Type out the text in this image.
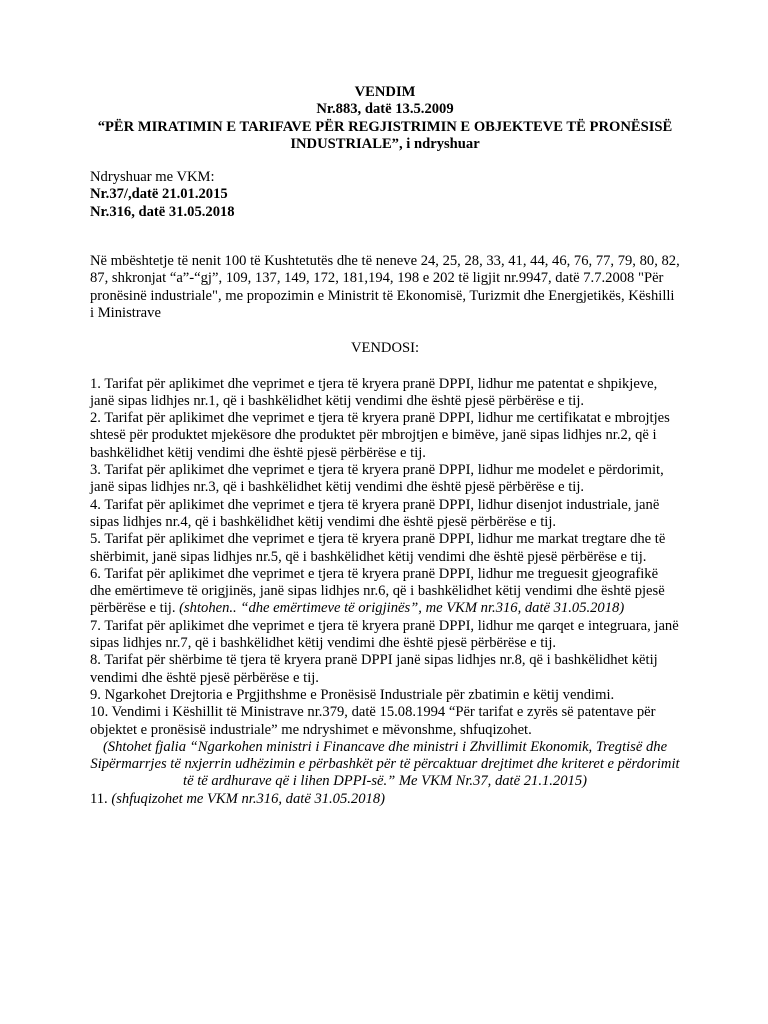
VENDIM
Nr.883, datë 13.5.2009
“PËR MIRATIMIN E TARIFAVE PËR REGJISTRIMIN E OBJEKTEVE TË PRONËSISË
INDUSTRIALE”, i ndryshuar
Ndryshuar me VKM:
Nr.37/,datë 21.01.2015
Nr.316, datë 31.05.2018
Në mbështetje të nenit 100 të Kushtetutës dhe të neneve 24, 25, 28, 33, 41, 44, 46, 76, 77, 79, 80, 82, 87, shkronjat “a”-“gj”, 109, 137, 149, 172, 181,194, 198 e 202 të ligjit nr.9947, datë 7.7.2008 "Për pronësinë industriale", me propozimin e Ministrit të Ekonomisë, Turizmit dhe Energjetikës, Këshilli i Ministrave
VENDOSI:
1. Tarifat për aplikimet dhe veprimet e tjera të kryera pranë DPPI, lidhur me patentat e shpikjeve, janë sipas lidhjes nr.1, që i bashkëlidhet këtij vendimi dhe është pjesë përbërëse e tij.
2. Tarifat për aplikimet dhe veprimet e tjera të kryera pranë DPPI, lidhur me certifikatat e mbrojtjes shtesë për produktet mjekësore dhe produktet për mbrojtjen e bimëve, janë sipas lidhjes nr.2, që i bashkëlidhet këtij vendimi dhe është pjesë përbërëse e tij.
3. Tarifat për aplikimet dhe veprimet e tjera të kryera pranë DPPI, lidhur me modelet e përdorimit, janë sipas lidhjes nr.3, që i bashkëlidhet këtij vendimi dhe është pjesë përbërëse e tij.
4. Tarifat për aplikimet dhe veprimet e tjera të kryera pranë DPPI, lidhur disenjot industriale, janë sipas lidhjes nr.4, që i bashkëlidhet këtij vendimi dhe është pjesë përbërëse e tij.
5. Tarifat për aplikimet dhe veprimet e tjera të kryera pranë DPPI, lidhur me markat tregtare dhe të shërbimit, janë sipas lidhjes nr.5, që i bashkëlidhet këtij vendimi dhe është pjesë përbërëse e tij.
6. Tarifat për aplikimet dhe veprimet e tjera të kryera pranë DPPI, lidhur me treguesit gjeografikë dhe emërtimeve të origjinës, janë sipas lidhjes nr.6, që i bashkëlidhet këtij vendimi dhe është pjesë përbërëse e tij. (shtohen.. “dhe emërtimeve të origjinës”, me VKM nr.316, datë 31.05.2018)
7. Tarifat për aplikimet dhe veprimet e tjera të kryera pranë DPPI, lidhur me qarqet e integruara, janë sipas lidhjes nr.7, që i bashkëlidhet këtij vendimi dhe është pjesë përbërëse e tij.
8. Tarifat për shërbime të tjera të kryera pranë DPPI janë sipas lidhjes nr.8, që i bashkëlidhet këtij vendimi dhe është pjesë përbërëse e tij.
9. Ngarkohet Drejtoria e Prgjithshme e Pronësisë Industriale për zbatimin e këtij vendimi.
10. Vendimi i Këshillit të Ministrave nr.379, datë 15.08.1994 “Për tarifat e zyrës së patentave për objektet e pronësisë industriale” me ndryshimet e mëvonshme, shfuqizohet.
(Shtohet fjalia “Ngarkohen ministri i Financave dhe ministri i Zhvillimit Ekonomik, Tregtisë dhe Sipërmarrjes të nxjerrin udhëzimin e përbashkët për të përcaktuar drejtimet dhe kriteret e përdorimit të të ardhurave që i lihen DPPI-së.” Me VKM Nr.37, datë 21.1.2015)
11. (shfuqizohet me VKM nr.316, datë 31.05.2018)
